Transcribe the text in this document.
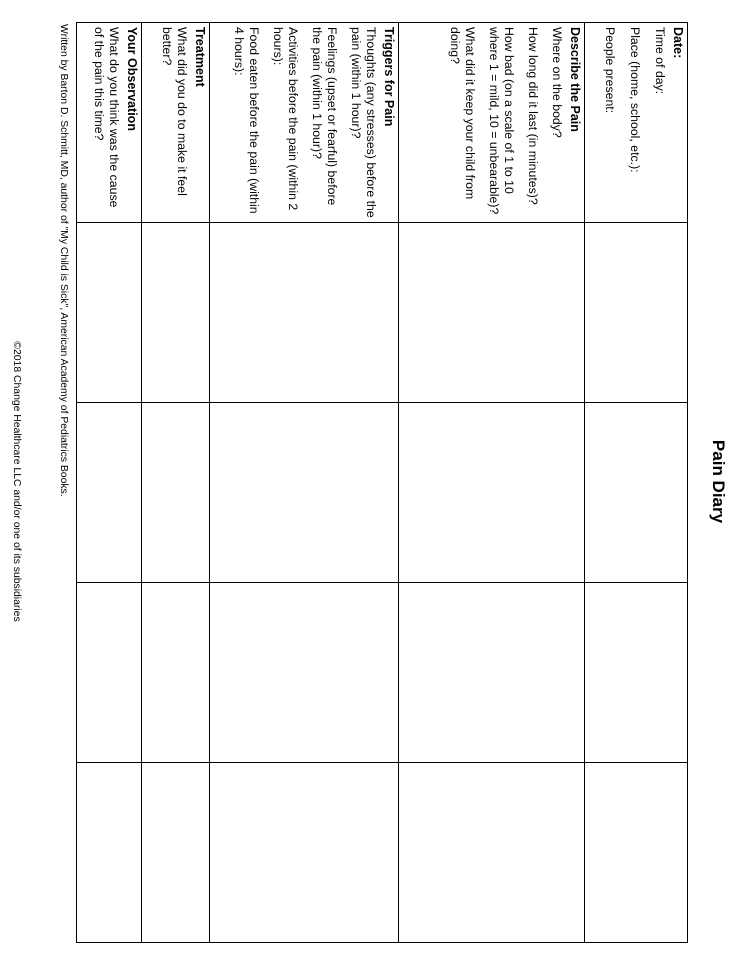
Pain Diary
Date:
Time of day:
Place (home, school, etc.):
People present:
Describe the Pain
Where on the body?
How long did it last (in minutes)?
How bad (on a scale of 1 to 10 where 1 = mild, 10 = unbearable)?
What did it keep your child from doing?
Triggers for Pain
Thoughts (any stresses) before the pain (within 1 hour)?
Feelings (upset or fearful) before the pain (within 1 hour)?
Activities before the pain (within 2 hours):
Food eaten before the pain (within 4 hours):
Treatment
What did you do to make it feel better?
Your Observation
What do you think was the cause of the pain this time?
Written by Barton D. Schmitt, MD, author of "My Child is Sick", American Academy of Pediatrics Books.
©2018 Change Healthcare LLC and/or one of its subsidiaries
